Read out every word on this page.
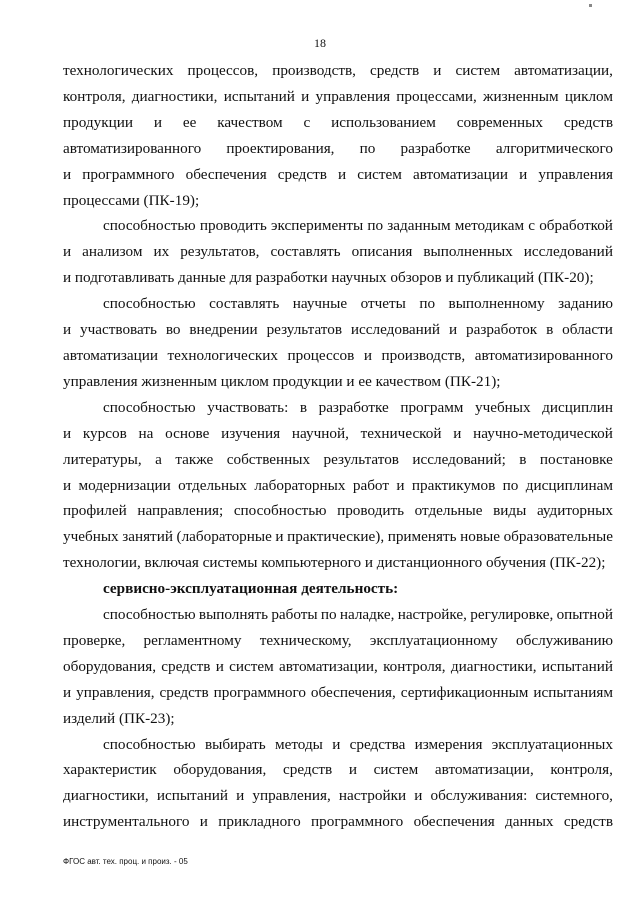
18
технологических процессов, производств, средств и систем автоматизации,
контроля, диагностики, испытаний и управления процессами, жизненным циклом
продукции и ее качеством с использованием современных средств
автоматизированного проектирования, по разработке алгоритмического
и программного обеспечения средств и систем автоматизации и управления
процессами (ПК-19);
способностью проводить эксперименты по заданным методикам с обработкой
и анализом их результатов, составлять описания выполненных исследований
и подготавливать данные для разработки научных обзоров и публикаций (ПК-20);
способностью составлять научные отчеты по выполненному заданию
и участвовать во внедрении результатов исследований и разработок в области
автоматизации технологических процессов и производств, автоматизированного
управления жизненным циклом продукции и ее качеством (ПК-21);
способностью участвовать: в разработке программ учебных дисциплин
и курсов на основе изучения научной, технической и научно-методической
литературы, а также собственных результатов исследований; в постановке
и модернизации отдельных лабораторных работ и практикумов по дисциплинам
профилей направления; способностью проводить отдельные виды аудиторных
учебных занятий (лабораторные и практические), применять новые образовательные
технологии, включая системы компьютерного и дистанционного обучения (ПК-22);
сервисно-эксплуатационная деятельность:
способностью выполнять работы по наладке, настройке, регулировке, опытной
проверке, регламентному техническому, эксплуатационному обслуживанию
оборудования, средств и систем автоматизации, контроля, диагностики, испытаний
и управления, средств программного обеспечения, сертификационным испытаниям
изделий (ПК-23);
способностью выбирать методы и средства измерения эксплуатационных
характеристик оборудования, средств и систем автоматизации, контроля,
диагностики, испытаний и управления, настройки и обслуживания: системного,
инструментального и прикладного программного обеспечения данных средств
ФГОС авт. тех. проц. и произ. - 05
